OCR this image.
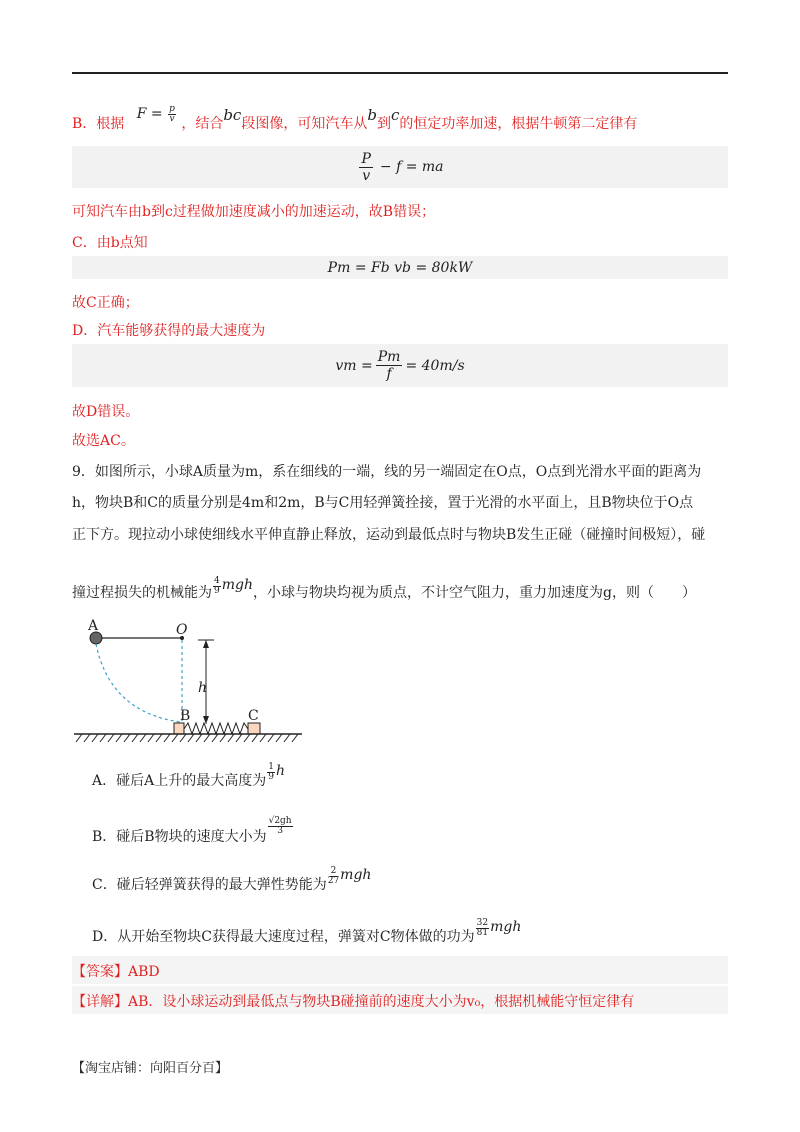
B．根据 $F = \frac{p}{v}$
，结合bc段图像，可知汽车从b到c的恒定功率加速，根据牛顿第二定律有
$\frac{P}{v} - f$ = ma
可知汽车由b到c过程做加速度减小的加速运动，故B错误；
C．由b点知
Pm = Fb vb = 80kW
故C正确；
D．汽车能够获得的最大速度为
vm = $\frac{Pm}{f} = 40m/s$
故D错误。
故选AC。
9．如图所示，小球A质量为m，系在细线的一端，线的另一端固定在O点，O点到光滑水平面的距离为
h，物块B和C的质量分别是4m和2m，B与C用轻弹簧拴接，置于光滑的水平面上，且B物块位于O点
正下方。现拉动小球使细线水平伸直静止释放，运动到最低点时与物块B发生正碰（碰撞时间极短），碰
撞过程损失的机械能为 $\frac{4}{9}$ mgh，小球与物块均视为质点，不计空气阻力，重力加速度为g，则（　　）
A	O
h
B	C
A．碰后A上升的最大高度为 $\frac{1}{9}$ h
B．碰后B物块的速度大小为
$\frac{√2gh}{3}$
C．碰后轻弹簧获得的最大弹性势能为 $\frac{2}{27}$ mgh
D．从开始至物块C获得最大速度过程，弹簧对C物体做的功为 $\frac{32}{81}$ mgh
【答案】ABD
【详解】AB．设小球运动到最低点与物块B碰撞前的速度大小为v₀，根据机械能守恒定律有
【淘宝店铺：向阳百分百】
